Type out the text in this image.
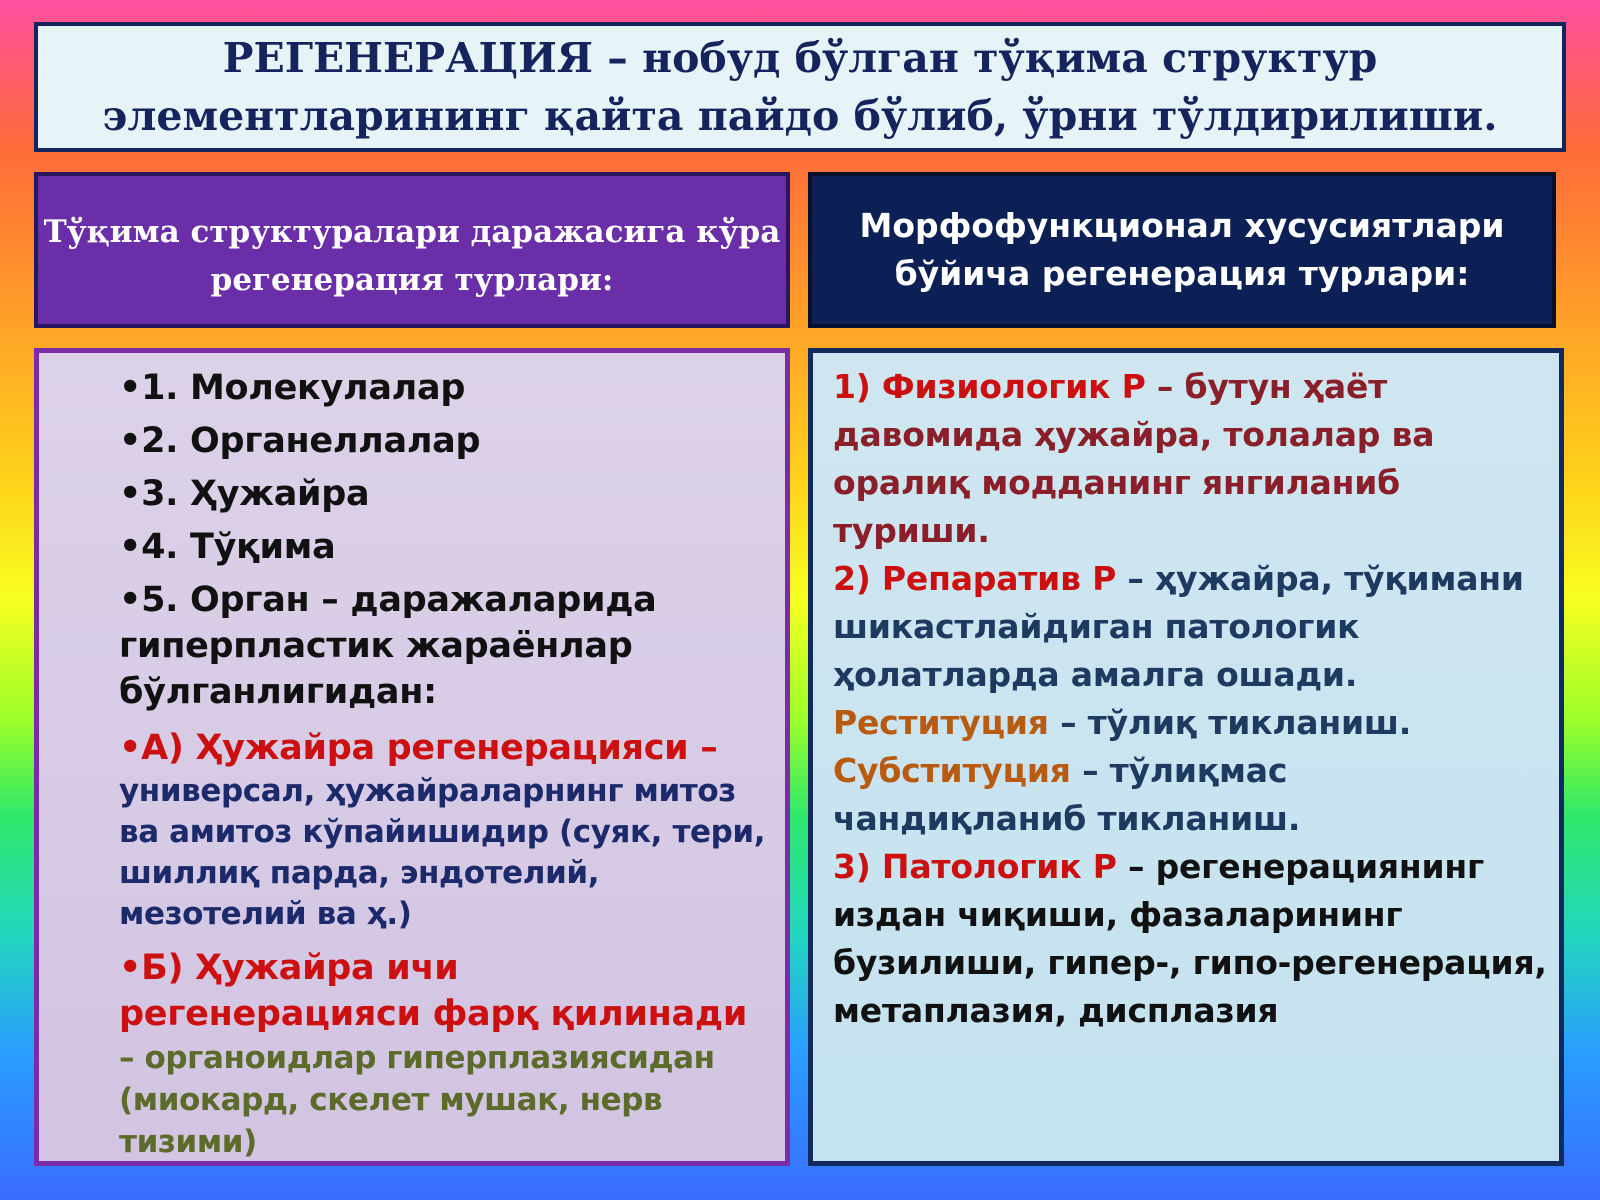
РЕГЕНЕРАЦИЯ – нобуд бўлган тўқима структур элементларининг қайта пайдо бўлиб, ўрни тўлдирилиши.
Тўқима структуралари даражасига кўра регенерация турлари:
Морфофункционал хусусиятлари бўйича регенерация турлари:
•1. Молекулалар
•2. Органеллалар
•3. Ҳужайра
•4. Тўқима
•5. Орган – даражаларида гиперпластик жараёнлар бўлганлигидан:
•А) Ҳужайра регенерацияси –
универсал, ҳужайраларнинг митоз ва амитоз кўпайишидир (суяк, тери, шиллиқ парда, эндотелий, мезотелий ва ҳ.)
•Б) Ҳужайра ичи регенерацияси фарқ қилинади
– органоидлар гиперплазиясидан (миокард, скелет мушак, нерв тизими)
1) Физиологик Р – бутун ҳаёт давомида ҳужайра, толалар ва оралиқ модданинг янгиланиб туриши.
2) Репаратив Р – ҳужайра, тўқимани шикастлайдиган патологик ҳолатларда амалга ошади.
Реституция – тўлиқ тикланиш.
Субституция – тўлиқмас чандиқланиб тикланиш.
3) Патологик Р – регенерациянинг издан чиқиши, фазаларининг бузилиши, гипер-, гипо-регенерация, метаплазия, дисплазия
